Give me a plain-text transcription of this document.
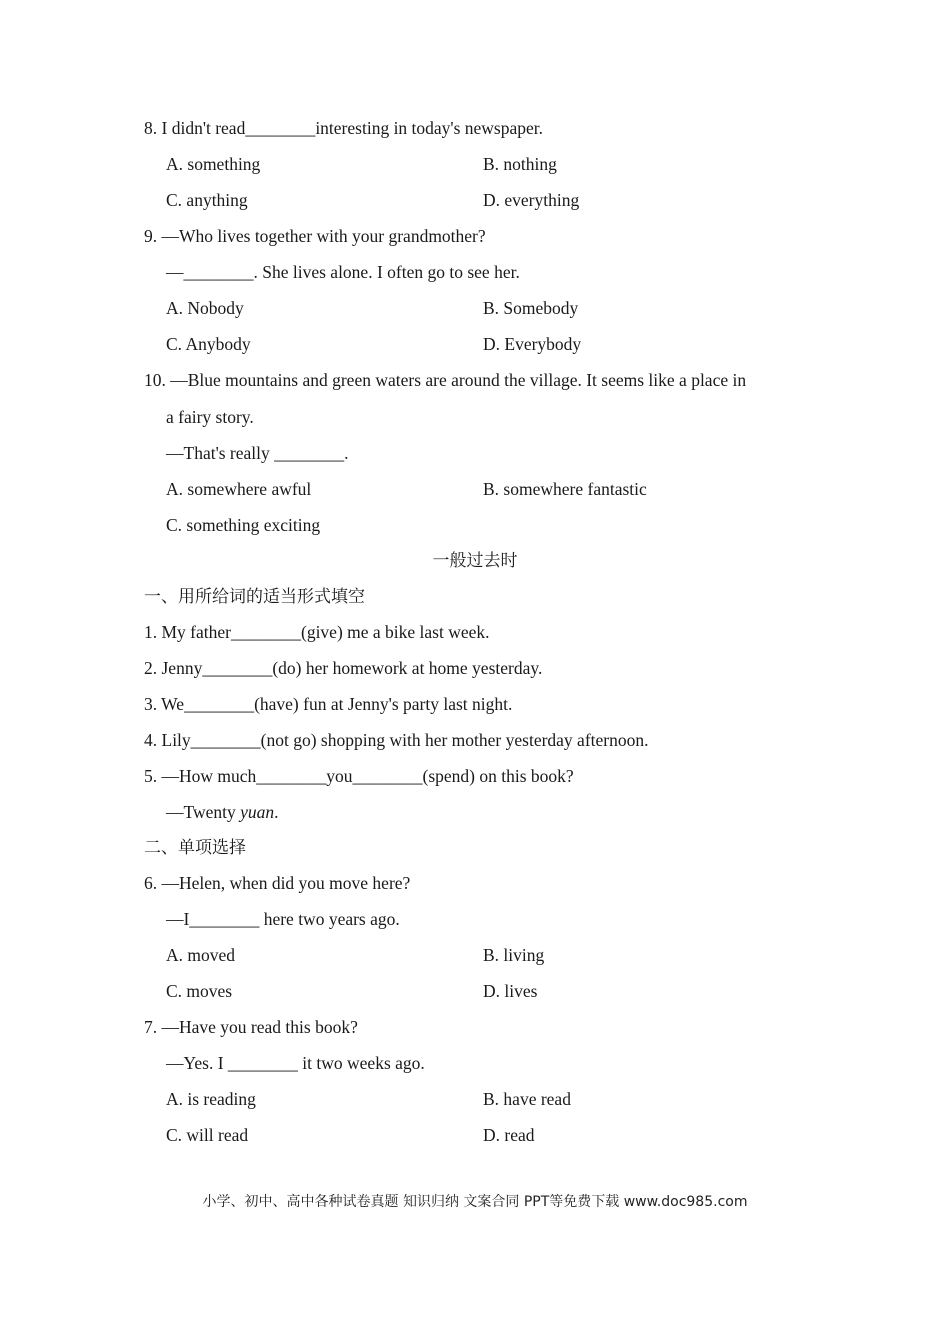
8. I didn't read________interesting in today's newspaper.
A. something	B. nothing
C. anything	D. everything
9. —Who lives together with your grandmother?
—________. She lives alone. I often go to see her.
A. Nobody	B. Somebody
C. Anybody	D. Everybody
10. —Blue mountains and green waters are around the village. It seems like a place in
a fairy story.
—That's really ________.
A. somewhere awful	B. somewhere fantastic
C. something exciting
一般过去时
一、用所给词的适当形式填空
1. My father________(give) me a bike last week.
2. Jenny________(do) her homework at home yesterday.
3. We________(have) fun at Jenny's party last night.
4. Lily________(not go) shopping with her mother yesterday afternoon.
5. —How much________you________(spend) on this book?
—Twenty yuan.
二、单项选择
6. —Helen, when did you move here?
—I________ here two years ago.
A. moved	B. living
C. moves	D. lives
7. —Have you read this book?
—Yes. I ________ it two weeks ago.
A. is reading	B. have read
C. will read	D. read
小学、初中、高中各种试卷真题 知识归纳 文案合同 PPT等免费下载 www.doc985.com
